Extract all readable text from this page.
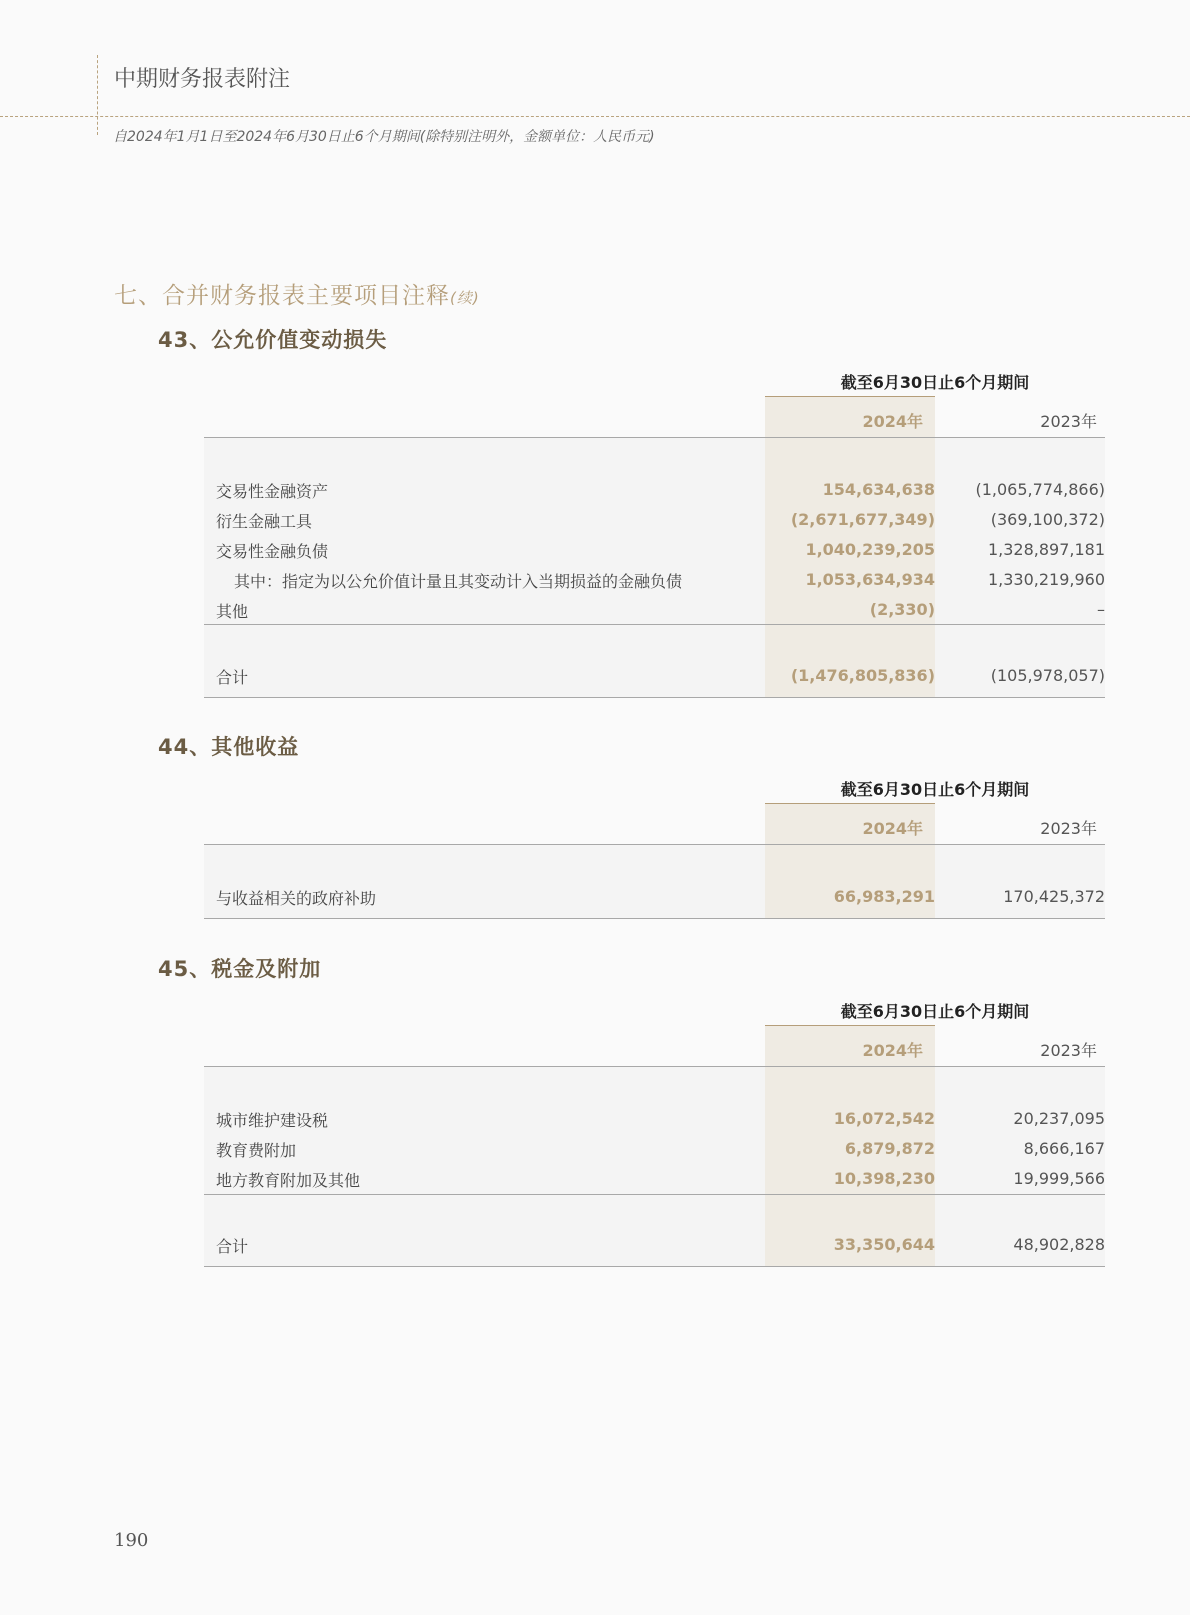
中期财务报表附注
自2024年1月1日至2024年6月30日止6个月期间(除特别注明外，金额单位：人民币元)
七、合并财务报表主要项目注释(续)
43、公允价值变动损失
截至6月30日止6个月期间
2024年	2023年
交易性金融资产	154,634,638	(1,065,774,866)
衍生金融工具	(2,671,677,349)	(369,100,372)
交易性金融负债	1,040,239,205	1,328,897,181
其中：指定为以公允价值计量且其变动计入当期损益的金融负债	1,053,634,934	1,330,219,960
其他	(2,330)	–
合计	(1,476,805,836)	(105,978,057)
44、其他收益
截至6月30日止6个月期间
2024年	2023年
与收益相关的政府补助	66,983,291	170,425,372
45、税金及附加
截至6月30日止6个月期间
2024年	2023年
城市维护建设税	16,072,542	20,237,095
教育费附加	6,879,872	8,666,167
地方教育附加及其他	10,398,230	19,999,566
合计	33,350,644	48,902,828
190
